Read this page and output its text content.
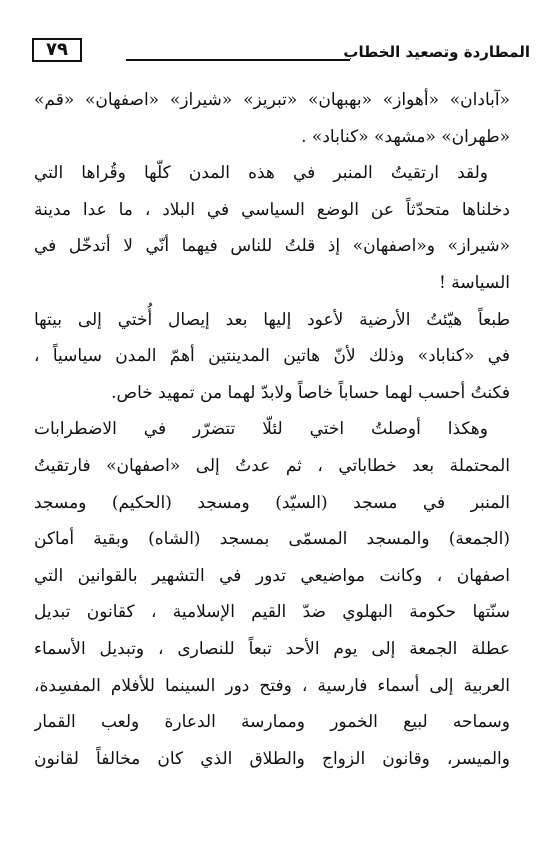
٧٩	المطاردة وتصعيد الخطاب
«آبادان» «أهواز» «بهبهان» «تبريز» «شيراز» «اصفهان» «قم»
«طهران» «مشهد» «كناباد» .
ولقد ارتقيتُ المنبر في هذه المدن كلّها وقُراها التي
دخلناها متحدّثاً عن الوضع السياسي في البلاد ، ما عدا مدينة
«شيراز» و«اصفهان» إذ قلتُ للناس فيهما أنّي لا أتدخّل في
السياسة !
طبعاً هيّئتُ الأرضية لأعود إليها بعد إيصال أُختي إلى بيتها
في «كناباد» وذلك لأنّ هاتين المدينتين أهمّ المدن سياسياً ،
فكنتُ أحسب لهما حساباً خاصاً ولابدّ لهما من تمهيد خاص.
وهكذا أوصلتُ اختي لئلّا تتضرّر في الاضطرابات
المحتملة بعد خطاباتي ، ثم عدتُ إلى «اصفهان» فارتقيتُ
المنبر في مسجد (السيّد) ومسجد (الحكيم) ومسجد
(الجمعة) والمسجد المسمّى بمسجد (الشاه) وبقية أماكن
اصفهان ، وكانت مواضيعي تدور في التشهير بالقوانين التي
سنّتها حكومة البهلوي ضدّ القيم الإسلامية ، كقانون تبديل
عطلة الجمعة إلى يوم الأحد تبعاً للنصارى ، وتبديل الأسماء
العربية إلى أسماء فارسية ، وفتح دور السينما للأفلام المفسِدة،
وسماحه لبيع الخمور وممارسة الدعارة ولعب القمار
والميسر، وقانون الزواج والطلاق الذي كان مخالفاً لقانون
